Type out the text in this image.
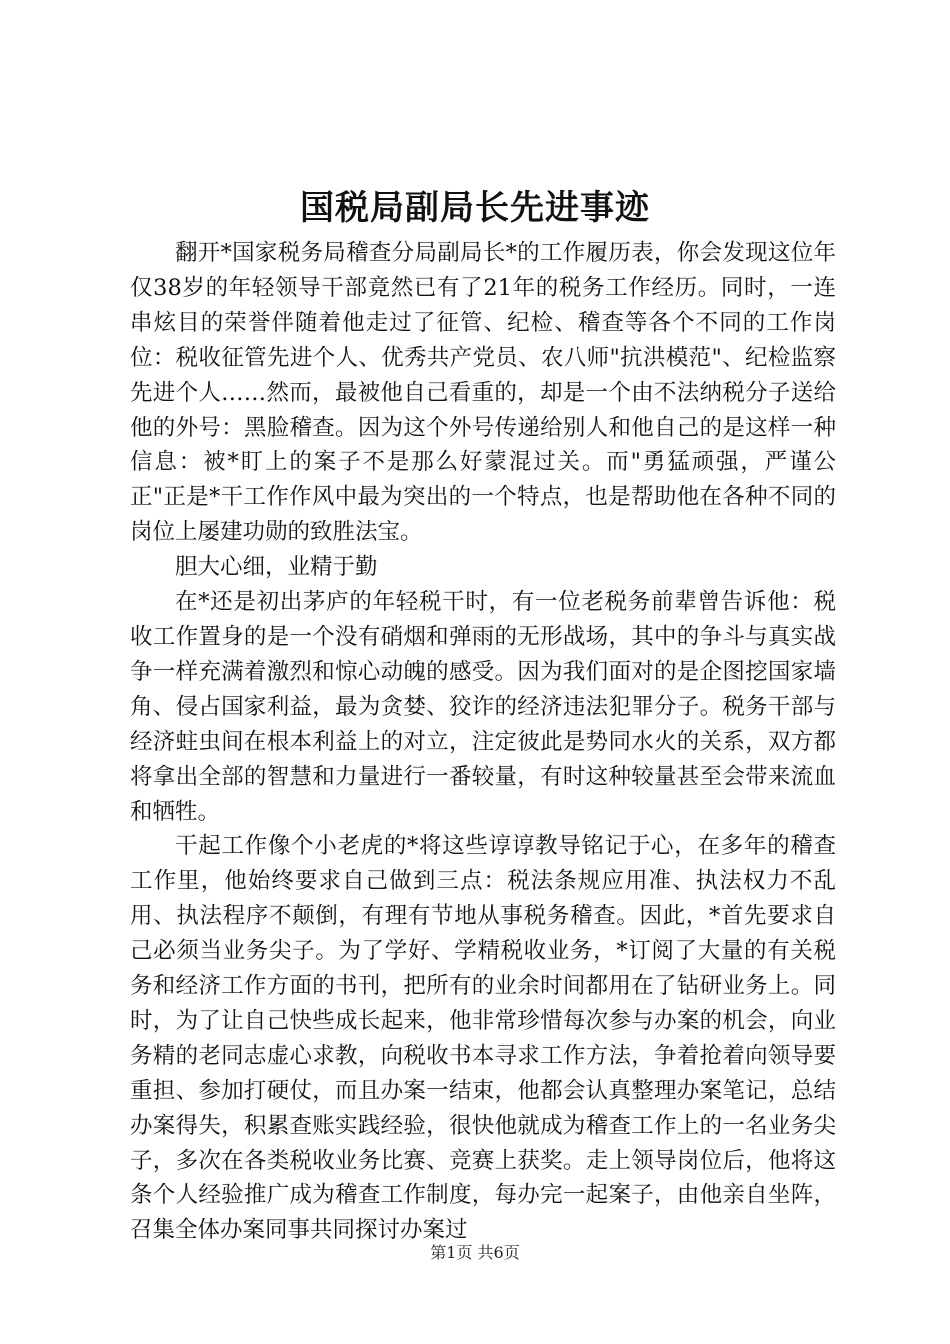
国税局副局长先进事迹

翻开*国家税务局稽查分局副局长*的工作履历表，你会发现这位年仅38岁的年轻领导干部竟然已有了21年的税务工作经历。同时，一连串炫目的荣誉伴随着他走过了征管、纪检、稽查等各个不同的工作岗位：税收征管先进个人、优秀共产党员、农八师"抗洪模范"、纪检监察先进个人……然而，最被他自己看重的，却是一个由不法纳税分子送给他的外号：黑脸稽查。因为这个外号传递给别人和他自己的是这样一种信息：被*盯上的案子不是那么好蒙混过关。而"勇猛顽强，严谨公正"正是*干工作作风中最为突出的一个特点，也是帮助他在各种不同的岗位上屡建功勋的致胜法宝。

胆大心细，业精于勤

在*还是初出茅庐的年轻税干时，有一位老税务前辈曾告诉他：税收工作置身的是一个没有硝烟和弹雨的无形战场，其中的争斗与真实战争一样充满着激烈和惊心动魄的感受。因为我们面对的是企图挖国家墙角、侵占国家利益，最为贪婪、狡诈的经济违法犯罪分子。税务干部与经济蛀虫间在根本利益上的对立，注定彼此是势同水火的关系，双方都将拿出全部的智慧和力量进行一番较量，有时这种较量甚至会带来流血和牺牲。

干起工作像个小老虎的*将这些谆谆教导铭记于心，在多年的稽查工作里，他始终要求自己做到三点：税法条规应用准、执法权力不乱用、执法程序不颠倒，有理有节地从事税务稽查。因此，*首先要求自己必须当业务尖子。为了学好、学精税收业务，*订阅了大量的有关税务和经济工作方面的书刊，把所有的业余时间都用在了钻研业务上。同时，为了让自己快些成长起来，他非常珍惜每次参与办案的机会，向业务精的老同志虚心求教，向税收书本寻求工作方法，争着抢着向领导要重担、参加打硬仗，而且办案一结束，他都会认真整理办案笔记，总结办案得失，积累查账实践经验，很快他就成为稽查工作上的一名业务尖子，多次在各类税收业务比赛、竞赛上获奖。走上领导岗位后，他将这条个人经验推广成为稽查工作制度，每办完一起案子，由他亲自坐阵，召集全体办案同事共同探讨办案过

第1页 共6页
